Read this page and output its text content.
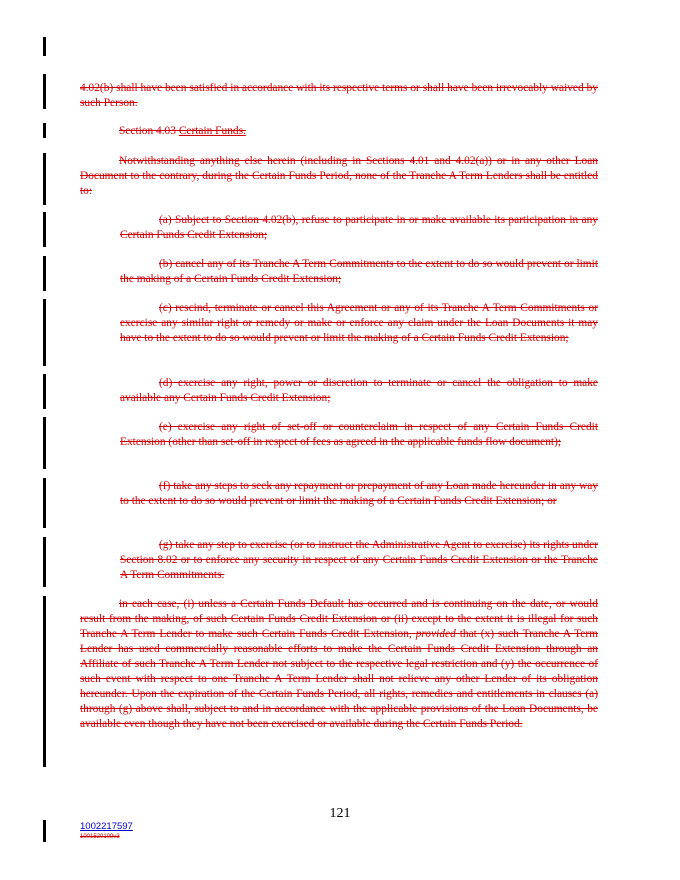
4.02(b) shall have been satisfied in accordance with its respective terms or shall have been irrevocably waived by such Person.
Section 4.03 Certain Funds.
Notwithstanding anything else herein (including in Sections 4.01 and 4.02(a)) or in any other Loan Document to the contrary, during the Certain Funds Period, none of the Tranche A Term Lenders shall be entitled to:
(a) Subject to Section 4.02(b), refuse to participate in or make available its participation in any Certain Funds Credit Extension;
(b) cancel any of its Tranche A Term Commitments to the extent to do so would prevent or limit the making of a Certain Funds Credit Extension;
(c) rescind, terminate or cancel this Agreement or any of its Tranche A Term Commitments or exercise any similar right or remedy or make or enforce any claim under the Loan Documents it may have to the extent to do so would prevent or limit the making of a Certain Funds Credit Extension;
(d) exercise any right, power or discretion to terminate or cancel the obligation to make available any Certain Funds Credit Extension;
(e) exercise any right of set-off or counterclaim in respect of any Certain Funds Credit Extension (other than set-off in respect of fees as agreed in the applicable funds flow document);
(f) take any steps to seek any repayment or prepayment of any Loan made hereunder in any way to the extent to do so would prevent or limit the making of a Certain Funds Credit Extension; or
(g) take any step to exercise (or to instruct the Administrative Agent to exercise) its rights under Section 8.02 or to enforce any security in respect of any Certain Funds Credit Extension or the Tranche A Term Commitments.
in each case, (i) unless a Certain Funds Default has occurred and is continuing on the date, or would result from the making, of such Certain Funds Credit Extension or (ii) except to the extent it is illegal for such Tranche A Term Lender to make such Certain Funds Credit Extension, provided that (x) such Tranche A Term Lender has used commercially reasonable efforts to make the Certain Funds Credit Extension through an Affiliate of such Tranche A Term Lender not subject to the respective legal restriction and (y) the occurrence of such event with respect to one Tranche A Term Lender shall not relieve any other Lender of its obligation hereunder. Upon the expiration of the Certain Funds Period, all rights, remedies and entitlements in clauses (a) through (g) above shall, subject to and in accordance with the applicable provisions of the Loan Documents, be available even though they have not been exercised or available during the Certain Funds Period.
121
1002217597
1001520109v3
